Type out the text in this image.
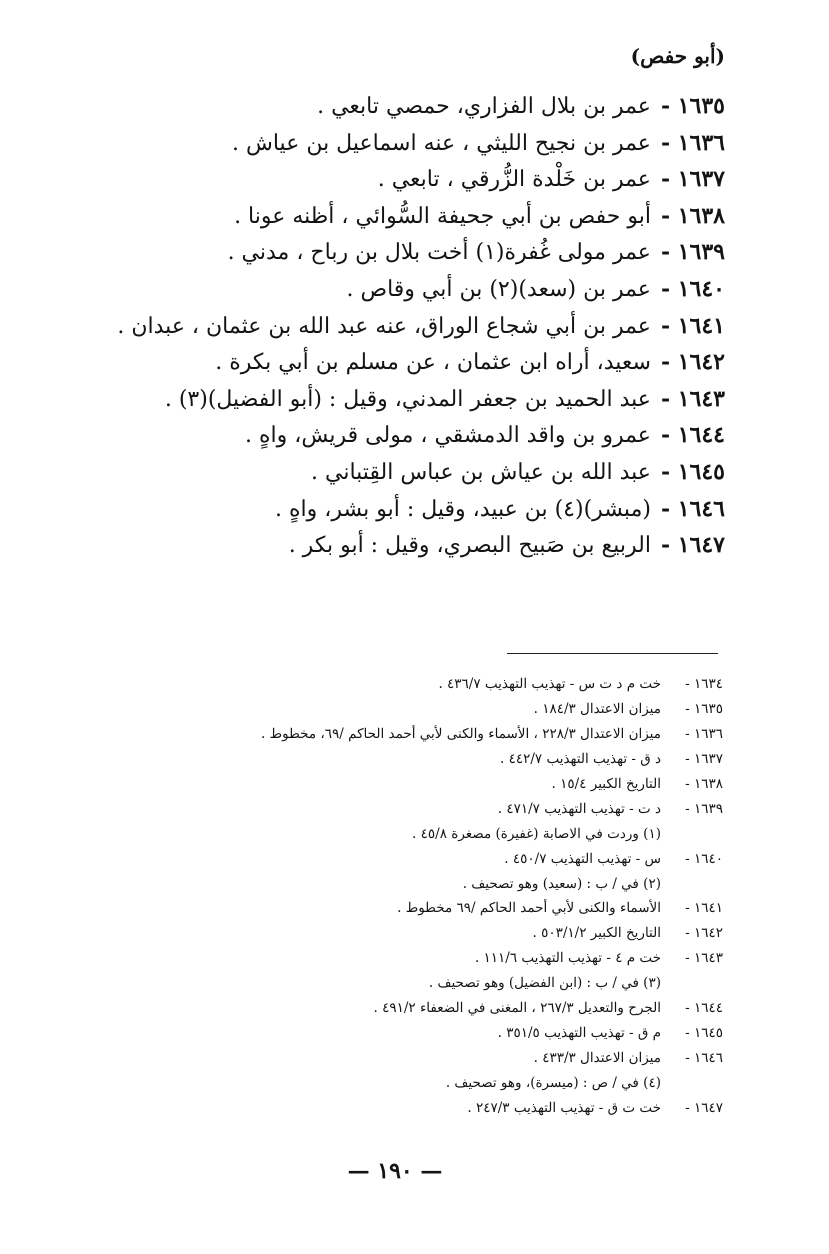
(أبو حفص)
١٦٣٥ -عمر بن بلال الفزاري، حمصي تابعي .
١٦٣٦ -عمر بن نجيح الليثي ، عنه اسماعيل بن عياش .
١٦٣٧ -عمر بن خَلْدة الزُّرقي ، تابعي .
١٦٣٨ -أبو حفص بن أبي جحيفة السُّوائي ، أظنه عونا .
١٦٣٩ -عمر مولى غُفرة(١) أخت بلال بن رباح ، مدني .
١٦٤٠ -عمر بن (سعد)(٢) بن أبي وقاص .
١٦٤١ -عمر بن أبي شجاع الوراق، عنه عبد الله بن عثمان ، عبدان .
١٦٤٢ -سعيد، أراه ابن عثمان ، عن مسلم بن أبي بكرة .
١٦٤٣ -عبد الحميد بن جعفر المدني، وقيل : (أبو الفضيل)(٣) .
١٦٤٤ -عمرو بن واقد الدمشقي ، مولى قريش، واهٍ .
١٦٤٥ -عبد الله بن عياش بن عباس القِتباني .
١٦٤٦ -(مبشر)(٤) بن عبيد، وقيل : أبو بشر، واهٍ .
١٦٤٧ -الربيع بن صَبيح البصري، وقيل : أبو بكر .
١٦٣٤ -خت م د ت س - تهذيب التهذيب ٤٣٦/٧ .
١٦٣٥ -ميزان الاعتدال ١٨٤/٣ .
١٦٣٦ -ميزان الاعتدال ٢٢٨/٣ ، الأسماء والكنى لأبي أحمد الحاكم /٦٩، مخطوط .
١٦٣٧ -د ق - تهذيب التهذيب ٤٤٢/٧ .
١٦٣٨ -التاريخ الكبير ١٥/٤ .
١٦٣٩ -د ت - تهذيب التهذيب ٤٧١/٧ .
(١) وردت في الاصابة (غفيرة) مصغرة ٤٥/٨ .
١٦٤٠ -س - تهذيب التهذيب ٤٥٠/٧ .
(٢) في / ب : (سعيد) وهو تصحيف .
١٦٤١ -الأسماء والكنى لأبي أحمد الحاكم /٦٩ مخطوط .
١٦٤٢ -التاريخ الكبير ٥٠٣/١/٢ .
١٦٤٣ -خت م ٤ - تهذيب التهذيب ١١١/٦ .
(٣) في / ب : (ابن الفضيل) وهو تصحيف .
١٦٤٤ -الجرح والتعديل ٢٦٧/٣ ، المغنى في الضعفاء ٤٩١/٢ .
١٦٤٥ -م ق - تهذيب التهذيب ٣٥١/٥ .
١٦٤٦ -ميزان الاعتدال ٤٣٣/٣ .
(٤) في / ص : (ميسرة)، وهو تصحيف .
١٦٤٧ -خت ت ق - تهذيب التهذيب ٢٤٧/٣ .
— ١٩٠ —
